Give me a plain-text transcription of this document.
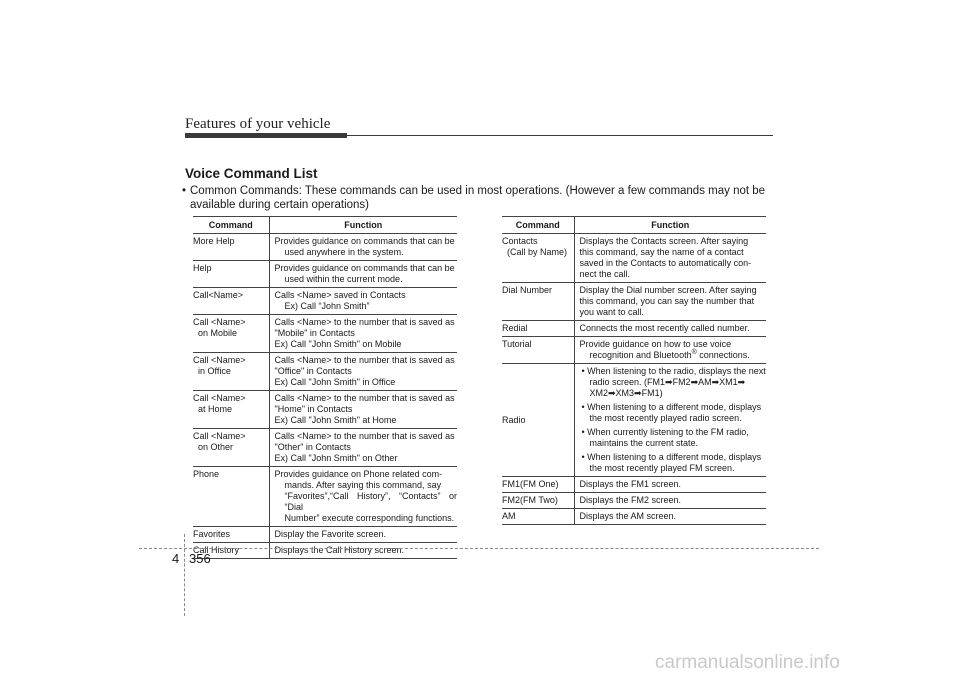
Features of your vehicle
Voice Command List
• Common Commands: These commands can be used in most operations. (However a few commands may not be
available during certain operations)
Command	Function

More Help	Provides guidance on commands that can be
used anywhere in the system.

Help	Provides guidance on commands that can be
used within the current mode.

Call<Name>	Calls <Name> saved in Contacts
Ex) Call “John Smith”

Call <Name>
on Mobile	Calls <Name> to the number that is saved as
"Mobile" in Contacts
Ex) Call "John Smith" on Mobile

Call <Name>
in Office	Calls <Name> to the number that is saved as
"Office" in Contacts
Ex) Call "John Smith" in Office

Call <Name>
at Home	Calls <Name> to the number that is saved as
"Home" in Contacts
Ex) Call "John Smith" at Home

Call <Name>
on Other	Calls <Name> to the number that is saved as
"Other" in Contacts
Ex) Call "John Smith" on Other

Phone	Provides guidance on Phone related com-
mands. After saying this command, say
“Favorites”,“Call History”, “Contacts” or “Dial
Number” execute corresponding functions.

Favorites	Display the Favorite screen.

Call History	Displays the Call History screen.
Command	Function

Contacts
(Call by Name)	Displays the Contacts screen. After saying
this command, say the name of a contact
saved in the Contacts to automatically con-
nect the call.

Dial Number	Display the Dial number screen. After saying
this command, you can say the number that
you want to call.

Redial	Connects the most recently called number.
Tutorial	Provide guidance on how to use voice
recognition and Bluetooth® connections.

Radio	• When listening to the radio, displays the next radio screen. (FM1➡FM2➡AM➡XM1➡ XM2➡XM3➡FM1)
• When listening to a different mode, displays the most recently played radio screen.
• When currently listening to the FM radio, maintains the current state.
• When listening to a different mode, displays the most recently played FM screen.

FM1(FM One)	Displays the FM1 screen.
FM2(FM Two)	Displays the FM2 screen.
AM	Displays the AM screen.
4 356
carmanualsonline.info
